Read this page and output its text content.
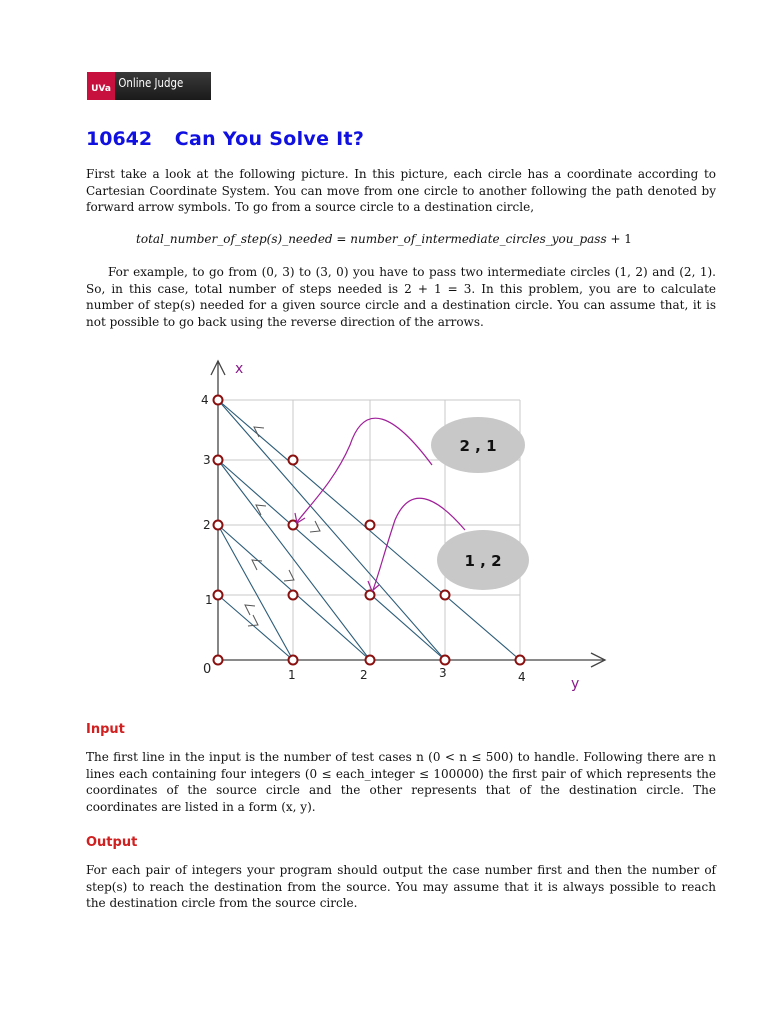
UVa Online Judge
10642 Can You Solve It?

First take a look at the following picture. In this picture, each circle has a coordinate according to Cartesian Coordinate System. You can move from one circle to another following the path denoted by forward arrow symbols. To go from a source circle to a destination circle,

total_number_of_step(s)_needed = number_of_intermediate_circles_you_pass + 1

For example, to go from (0, 3) to (3, 0) you have to pass two intermediate circles (1, 2) and (2, 1). So, in this case, total number of steps needed is 2 + 1 = 3. In this problem, you are to calculate number of step(s) needed for a given source circle and a destination circle. You can assume that, it is not possible to go back using the reverse direction of the arrows.

2 , 1
1 , 2
x
y
0
1
2
3
4
1	2	3	4
Input

The first line in the input is the number of test cases n (0 < n ≤ 500) to handle. Following there are n lines each containing four integers (0 ≤ each_integer ≤ 100000) the first pair of which represents the coordinates of the source circle and the other represents that of the destination circle. The coordinates are listed in a form (x, y).

Output

For each pair of integers your program should output the case number first and then the number of step(s) to reach the destination from the source. You may assume that it is always possible to reach the destination circle from the source circle.
